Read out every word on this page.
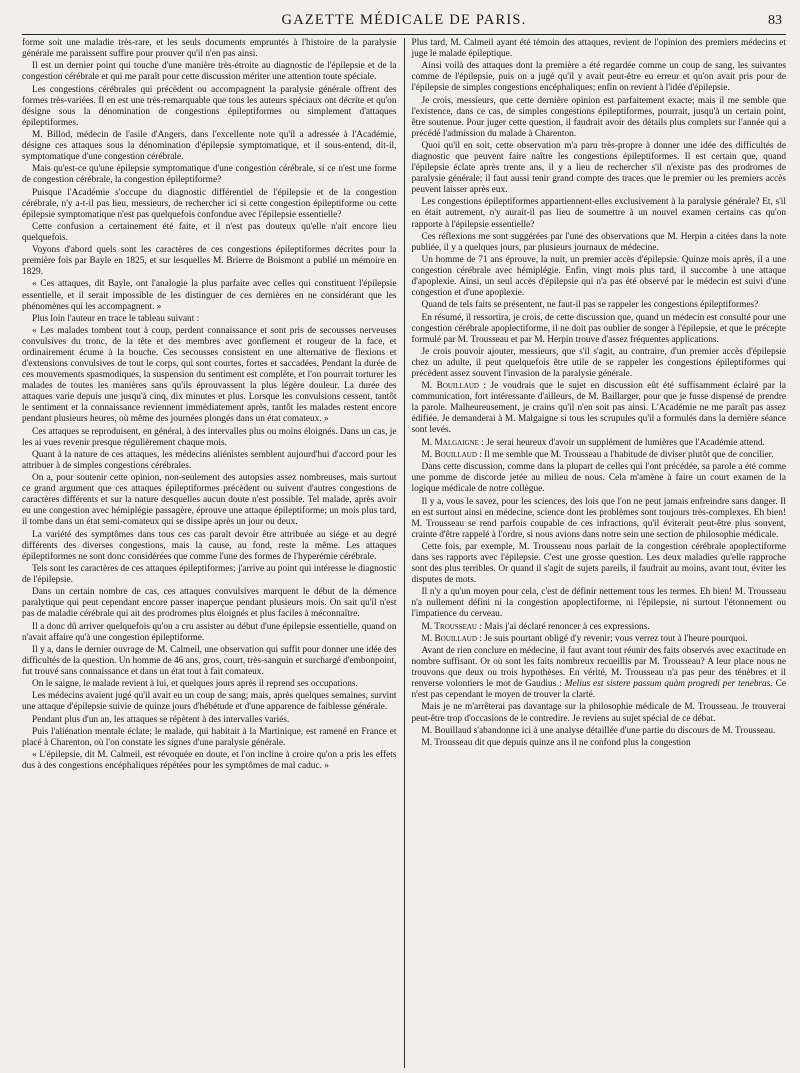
GAZETTE MÉDICALE DE PARIS.	83

forme soit une maladie très-rare, et les seuls documents empruntés à l'histoire de la paralysie générale me paraissent suffire pour prouver qu'il n'en pas ainsi.

Il est un dernier point qui touche d'une manière très-étroite au diagnostic de l'épilepsie et de la congestion cérébrale et qui me paraît pour cette discussion mériter une attention toute spéciale.

Les congestions cérébrales qui précèdent ou accompagnent la paralysie générale offrent des formes très-variées. Il en est une très-remarquable que tous les auteurs spéciaux ont décrite et qu'on désigne sous la dénomination de congestions épileptiformes ou simplement d'attaques épileptiformes.

M. Billod, médecin de l'asile d'Angers, dans l'excellente note qu'il a adressée à l'Académie, désigne ces attaques sous la dénomination d'épilepsie symptomatique, et il sous-entend, dit-il, symptomatique d'une congestion cérébrale.

Mais qu'est-ce qu'une épilepsie symptomatique d'une congestion cérébrale, si ce n'est une forme de congestion cérébrale, la congestion épileptiforme?

Puisque l'Académie s'occupe du diagnostic différentiel de l'épilepsie et de la congestion cérébrale, n'y a-t-il pas lieu, messieurs, de rechercher ici si cette congestion épileptiforme ou cette épilepsie symptomatique n'est pas quelquefois confondue avec l'épilepsie essentielle?

Cette confusion a certainement été faite, et il n'est pas douteux qu'elle n'ait encore lieu quelquefois.

Voyons d'abord quels sont les caractères de ces congestions épileptiformes décrites pour la première fois par Bayle en 1825, et sur lesquelles M. Brierre de Boismont a publié un mémoire en 1829.

« Ces attaques, dit Bayle, ont l'analogie la plus parfaite avec celles qui constituent l'épilepsie essentielle, et il serait impossible de les distinguer de ces dernières en ne considérant que les phénomènes qui les accompagnent. »

Plus loin l'auteur en trace le tableau suivant :

« Les malades tombent tout à coup, perdent connaissance et sont pris de secousses nerveuses convulsives du tronc, de la tête et des membres avec gonflement et rougeur de la face, et ordinairement écume à la bouche. Ces secousses consistent en une alternative de flexions et d'extensions convulsives de tout le corps, qui sont courtes, fortes et saccadées. Pendant la durée de ces mouvements spasmodiques, la suspension du sentiment est complète, et l'on pourrait torturer les malades de toutes les manières sans qu'ils éprouvassent la plus légère douleur. La durée des attaques varie depuis une jusqu'à cinq, dix minutes et plus. Lorsque les convulsions cessent, tantôt le sentiment et la connaissance reviennent immédiatement après, tantôt les malades restent encore pendant plusieurs heures, où même des journées plongés dans un état comateux. »

Ces attaques se reproduisent, en général, à des intervalles plus ou moins éloignés. Dans un cas, je les ai vues revenir presque régulièrement chaque mois.

Quant à la nature de ces attaques, les médecins aliénistes semblent aujourd'hui d'accord pour les attribuer à de simples congestions cérébrales.

On a, pour soutenir cette opinion, non-seulement des autopsies assez nombreuses, mais surtout ce grand argument que ces attaques épileptiformes précèdent ou suivent d'autres congestions de caractères différents et sur la nature desquelles aucun doute n'est possible. Tel malade, après avoir eu une congestion avec hémiplégie passagère, éprouve une attaque épileptiforme; un mois plus tard, il tombe dans un état semi-comateux qui se dissipe après un jour ou deux.

La variété des symptômes dans tous ces cas paraît devoir être attribuée au siége et au degré différents des diverses congestions, mais la cause, au fond, reste la même. Les attaques épileptiformes ne sont donc considérées que comme l'une des formes de l'hyperémie cérébrale.

Tels sont les caractères de ces attaques épileptiformes; j'arrive au point qui intéresse le diagnostic de l'épilepsie.

Dans un certain nombre de cas, ces attaques convulsives marquent le début de la démence paralytique qui peut cependant encore passer inaperçue pendant plusieurs mois. On sait qu'il n'est pas de maladie cérébrale qui ait des prodromes plus éloignés et plus faciles à méconnaître.

Il a donc dû arriver quelquefois qu'on a cru assister au début d'une épilepsie essentielle, quand on n'avait affaire qu'à une congestion épileptiforme.

Il y a, dans le dernier ouvrage de M. Calmeil, une observation qui suffit pour donner une idée des difficultés de la question. Un homme de 46 ans, gros, court, très-sanguin et surchargé d'embonpoint, fut trouvé sans connaissance et dans un état tout à fait comateux.

On le saigne, le malade revient à lui, et quelques jours après il reprend ses occupations.

Les médecins avaient jugé qu'il avait eu un coup de sang; mais, après quelques semaines, survint une attaque d'épilepsie suivie de quinze jours d'hébétude et d'une apparence de faiblesse générale.

Pendant plus d'un an, les attaques se répètent à des intervalles variés.

Puis l'aliénation mentale éclate; le malade, qui habitait à la Martinique, est ramené en France et placé à Charenton, où l'on constate les signes d'une paralysie générale.

« L'épilepsie, dit M. Calmeil, est révoquée en doute, et l'on incline à croire qu'on a pris les effets dus à des congestions encéphaliques répétées pour les symptômes de mal caduc. »

Plus tard, M. Calmeil ayant été témoin des attaques, revient de l'opinion des premiers médecins et juge le malade épileptique.

Ainsi voilà des attaques dont la première a été regardée comme un coup de sang, les suivantes comme de l'épilepsie, puis on a jugé qu'il y avait peut-être eu erreur et qu'on avait pris pour de l'épilepsie de simples congestions encéphaliques; enfin on revient à l'idée d'épilepsie.

Je crois, messieurs, que cette dernière opinion est parfaitement exacte; mais il me semble que l'existence, dans ce cas, de simples congestions épileptiformes, pourrait, jusqu'à un certain point, être soutenue. Pour juger cette question, il faudrait avoir des détails plus complets sur l'année qui a précédé l'admission du malade à Charenton.

Quoi qu'il en soit, cette observation m'a paru très-propre à donner une idée des difficultés de diagnostic que peuvent faire naître les congestions épileptiformes. Il est certain que, quand l'épilepsie éclate après trente ans, il y a lieu de rechercher s'il n'existe pas des prodromes de paralysie générale; il faut aussi tenir grand compte des traces que le premier ou les premiers accès peuvent laisser après eux.

Les congestions épileptiformes appartiennent-elles exclusivement à la paralysie générale? Et, s'il en était autrement, n'y aurait-il pas lieu de soumettre à un nouvel examen certains cas qu'on rapporte à l'épilepsie essentielle?

Ces réflexions me sont suggérées par l'une des observations que M. Herpin a citées dans la note publiée, il y a quelques jours, par plusieurs journaux de médecine.

Un homme de 71 ans éprouve, la nuit, un premier accès d'épilepsie. Quinze mois après, il a une congestion cérébrale avec hémiplégie. Enfin, vingt mois plus tard, il succombe à une attaque d'apoplexie. Ainsi, un seul accès d'épilepsie qui n'a pas été observé par le médecin est suivi d'une congestion et d'une apoplexie.

Quand de tels faits se présentent, ne faut-il pas se rappeler les congestions épileptiformes?

En résumé, il ressortira, je crois, de cette discussion que, quand un médecin est consulté pour une congestion cérébrale apoplectiforme, il ne doit pas oublier de songer à l'épilepsie, et que le précepte formulé par M. Trousseau et par M. Herpin trouve d'assez fréquentes applications.

Je crois pouvoir ajouter, messieurs, que s'il s'agit, au contraire, d'un premier accès d'épilepsie chez un adulte, il peut quelquefois être utile de se rappeler les congestions épileptiformes qui précèdent assez souvent l'invasion de la paralysie générale.

M. Bouillaud : Je voudrais que le sujet en discussion eût été suffisamment éclairé par la communication, fort intéressante d'ailleurs, de M. Baillarger, pour que je fusse dispensé de prendre la parole. Malheureusement, je crains qu'il n'en soit pas ainsi. L'Académie ne me paraît pas assez édifiée. Je demanderai à M. Malgaigne si tous les scrupules qu'il a formulés dans la dernière séance sont levés.

M. Malgaigne : Je serai heureux d'avoir un supplément de lumières que l'Académie attend.

M. Bouillaud : Il me semble que M. Trousseau a l'habitude de diviser plutôt que de concilier.

Dans cette discussion, comme dans la plupart de celles qui l'ont précédée, sa parole a été comme une pomme de discorde jetée au milieu de nous. Cela m'amène à faire un court examen de la logique médicale de notre collègue.

Il y a, vous le savez, pour les sciences, des lois que l'on ne peut jamais enfreindre sans danger. Il en est surtout ainsi en médecine, science dont les problèmes sont toujours très-complexes. Eh bien! M. Trousseau se rend parfois coupable de ces infractions, qu'il éviterait peut-être plus souvent, crainte d'être rappelé à l'ordre, si nous avions dans notre sein une section de philosophie médicale.

Cette fois, par exemple, M. Trousseau nous parlait de la congestion cérébrale apoplectiforme dans ses rapports avec l'épilepsie. C'est une grosse question. Les deux maladies qu'elle rapproche sont des plus terribles. Or quand il s'agit de sujets pareils, il faudrait au moins, avant tout, éviter les disputes de mots.

Il n'y a qu'un moyen pour cela, c'est de définir nettement tous les termes. Eh bien! M. Trousseau n'a nullement défini ni la congestion apoplectiforme, ni l'épilepsie, ni surtout l'étonnement ou l'impatience du cerveau.

M. Trousseau : Mais j'ai déclaré renoncer à ces expressions.

M. Bouillaud : Je suis pourtant obligé d'y revenir; vous verrez tout à l'heure pourquoi.

Avant de rien conclure en médecine, il faut avant tout réunir des faits observés avec exactitude en nombre suffisant. Or où sont les faits nombreux recueillis par M. Trousseau? A leur place nous ne trouvons que deux ou trois hypothèses. En vérité, M. Trousseau n'a pas peur des ténèbres et il renverse volontiers le mot de Gaudius : Melius est sistere passum quàm progredi per tenebras. Ce n'est pas cependant le moyen de trouver la clarté.

Mais je ne m'arrêterai pas davantage sur la philosophie médicale de M. Trousseau. Je trouverai peut-être trop d'occasions de le contredire. Je reviens au sujet spécial de ce débat.

M. Bouillaud s'abandonne ici à une analyse détaillée d'une partie du discours de M. Trousseau.

M. Trousseau dit que depuis quinze ans il ne confond plus la congestion
